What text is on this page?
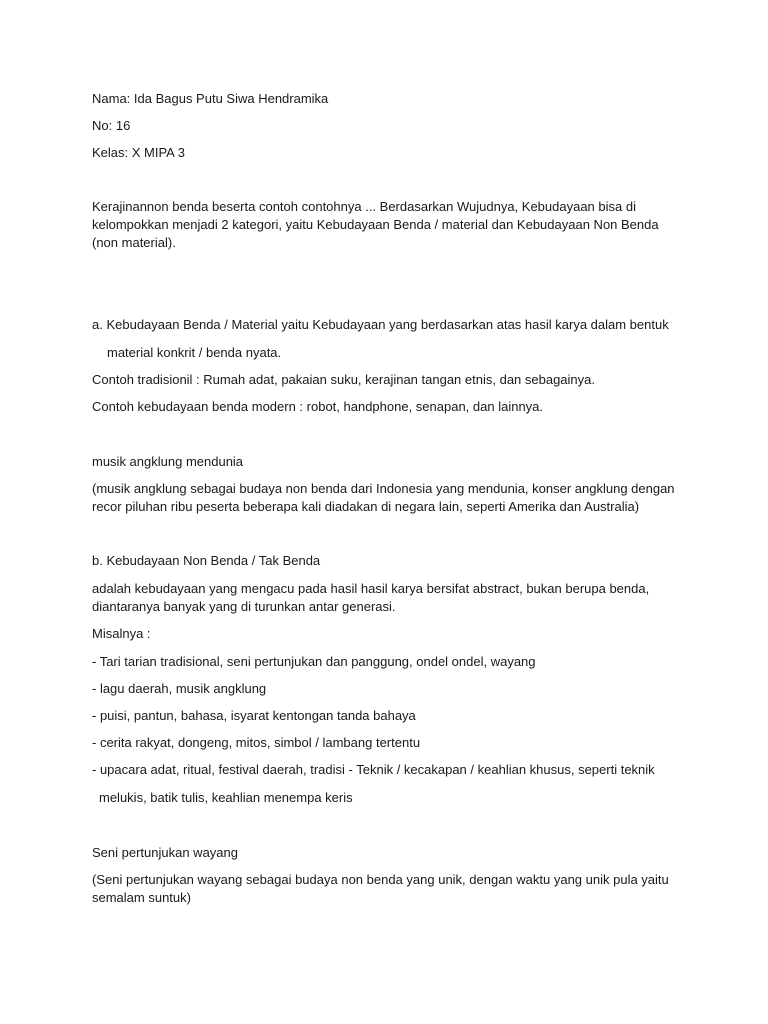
Nama: Ida Bagus Putu Siwa Hendramika

No: 16

Kelas: X MIPA 3

Kerajinannon benda beserta contoh contohnya ... Berdasarkan Wujudnya, Kebudayaan bisa di

kelompokkan menjadi 2 kategori, yaitu Kebudayaan Benda / material dan Kebudayaan Non Benda

(non material).

a. Kebudayaan Benda / Material yaitu Kebudayaan yang berdasarkan atas hasil karya dalam bentuk

material konkrit / benda nyata.

Contoh tradisionil : Rumah adat, pakaian suku, kerajinan tangan etnis, dan sebagainya.

Contoh kebudayaan benda modern : robot, handphone, senapan, dan lainnya.

musik angklung mendunia

(musik angklung sebagai budaya non benda dari Indonesia yang mendunia, konser angklung dengan

recor piluhan ribu peserta beberapa kali diadakan di negara lain, seperti Amerika dan Australia)

b. Kebudayaan Non Benda / Tak Benda

adalah kebudayaan yang mengacu pada hasil hasil karya bersifat abstract, bukan berupa benda,

diantaranya banyak yang di turunkan antar generasi.

Misalnya :

- Tari tarian tradisional, seni pertunjukan dan panggung, ondel ondel, wayang

- lagu daerah, musik angklung

- puisi, pantun, bahasa, isyarat kentongan tanda bahaya

- cerita rakyat, dongeng, mitos, simbol / lambang tertentu

- upacara adat, ritual, festival daerah, tradisi - Teknik / kecakapan / keahlian khusus, seperti teknik

melukis, batik tulis, keahlian menempa keris

Seni pertunjukan wayang

(Seni pertunjukan wayang sebagai budaya non benda yang unik, dengan waktu yang unik pula yaitu

semalam suntuk)
